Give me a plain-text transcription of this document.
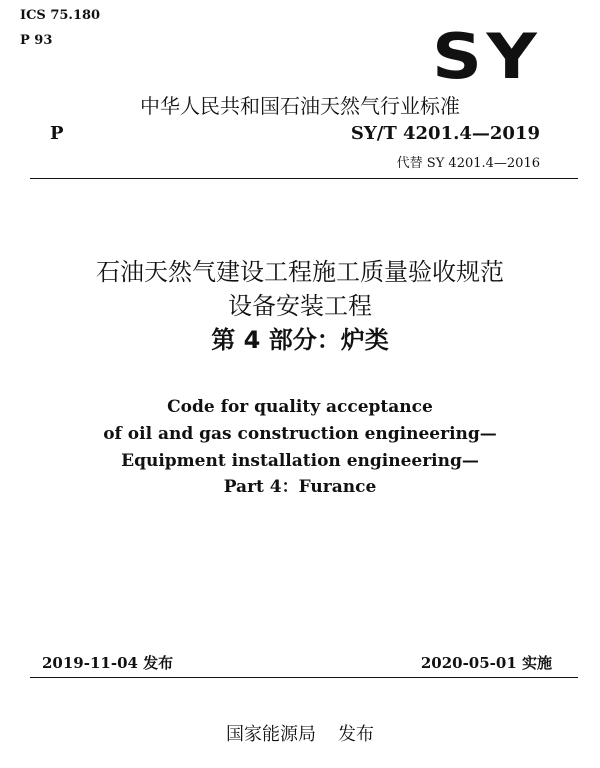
ICS 75.180
P 93	SY
中华人民共和国石油天然气行业标准
P	SY/T 4201.4—2019
代替 SY 4201.4—2016
石油天然气建设工程施工质量验收规范
设备安装工程
第 4 部分：炉类
Code for quality acceptance
of oil and gas construction engineering—
Equipment installation engineering—
Part 4：Furance
2019-11-04 发布	2020-05-01 实施
国家能源局 发布
